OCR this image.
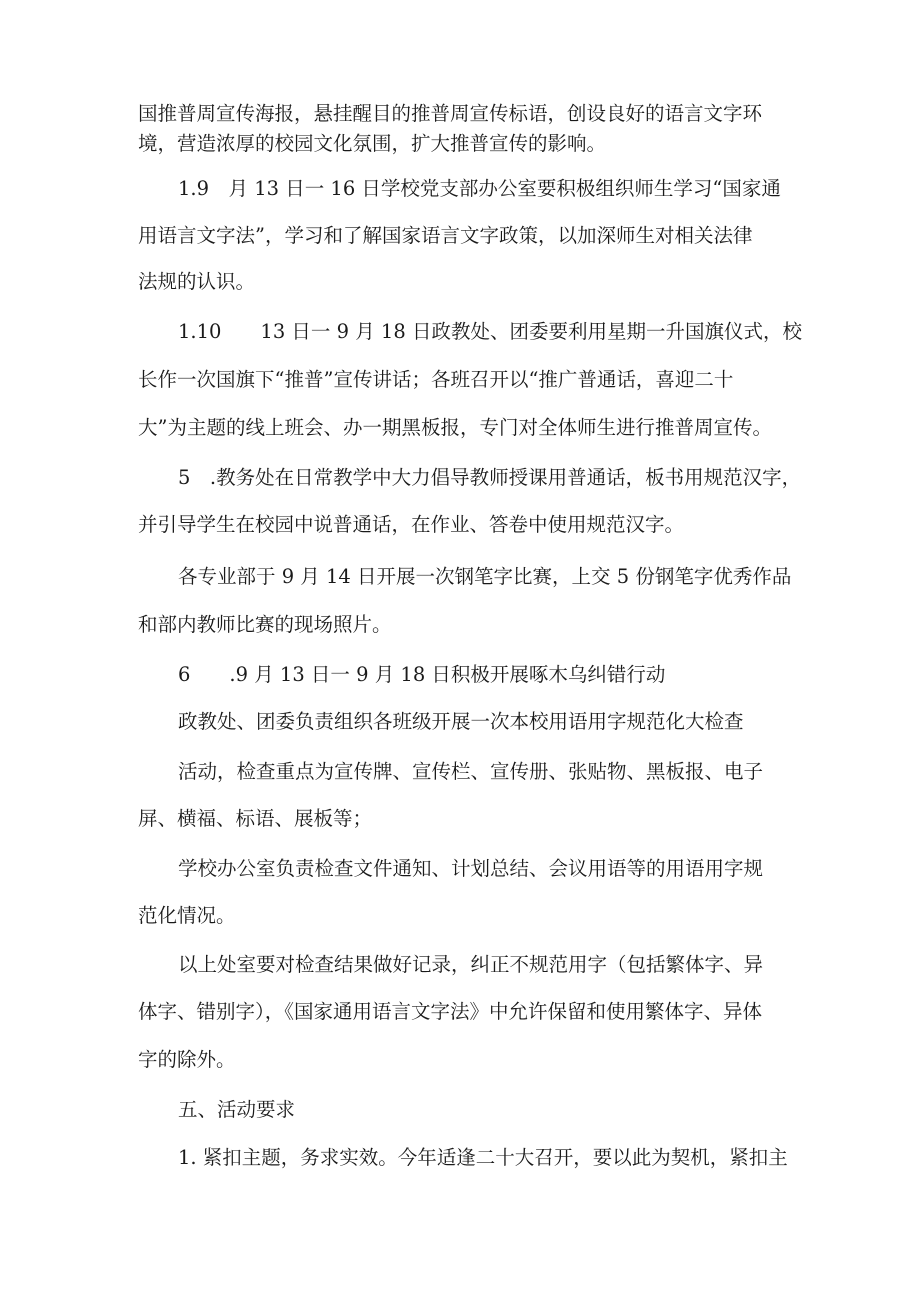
国推普周宣传海报，悬挂醒目的推普周宣传标语，创设良好的语言文字环
境，营造浓厚的校园文化氛围，扩大推普宣传的影响。
1.9　月 13 日一 16 日学校党支部办公室要积极组织师生学习“国家通
用语言文字法”，学习和了解国家语言文字政策，以加深师生对相关法律
法规的认识。
1.10　　13 日一 9 月 18 日政教处、团委要利用星期一升国旗仪式，校
长作一次国旗下“推普”宣传讲话；各班召开以“推广普通话，喜迎二十
大”为主题的线上班会、办一期黑板报，专门对全体师生进行推普周宣传。
5　.教务处在日常教学中大力倡导教师授课用普通话，板书用规范汉字，
并引导学生在校园中说普通话，在作业、答卷中使用规范汉字。
各专业部于 9 月 14 日开展一次钢笔字比赛，上交 5 份钢笔字优秀作品
和部内教师比赛的现场照片。
6　　.9 月 13 日一 9 月 18 日积极开展啄木乌纠错行动
政教处、团委负责组织各班级开展一次本校用语用字规范化大检查
活动，检查重点为宣传牌、宣传栏、宣传册、张贴物、黑板报、电子
屏、横福、标语、展板等；
学校办公室负责检查文件通知、计划总结、会议用语等的用语用字规
范化情况。
以上处室要对检查结果做好记录，纠正不规范用字（包括繁体字、异
体字、错别字），《国家通用语言文字法》中允许保留和使用繁体字、异体
字的除外。
五、活动要求
1. 紧扣主题，务求实效。今年适逢二十大召开，要以此为契机，紧扣主
